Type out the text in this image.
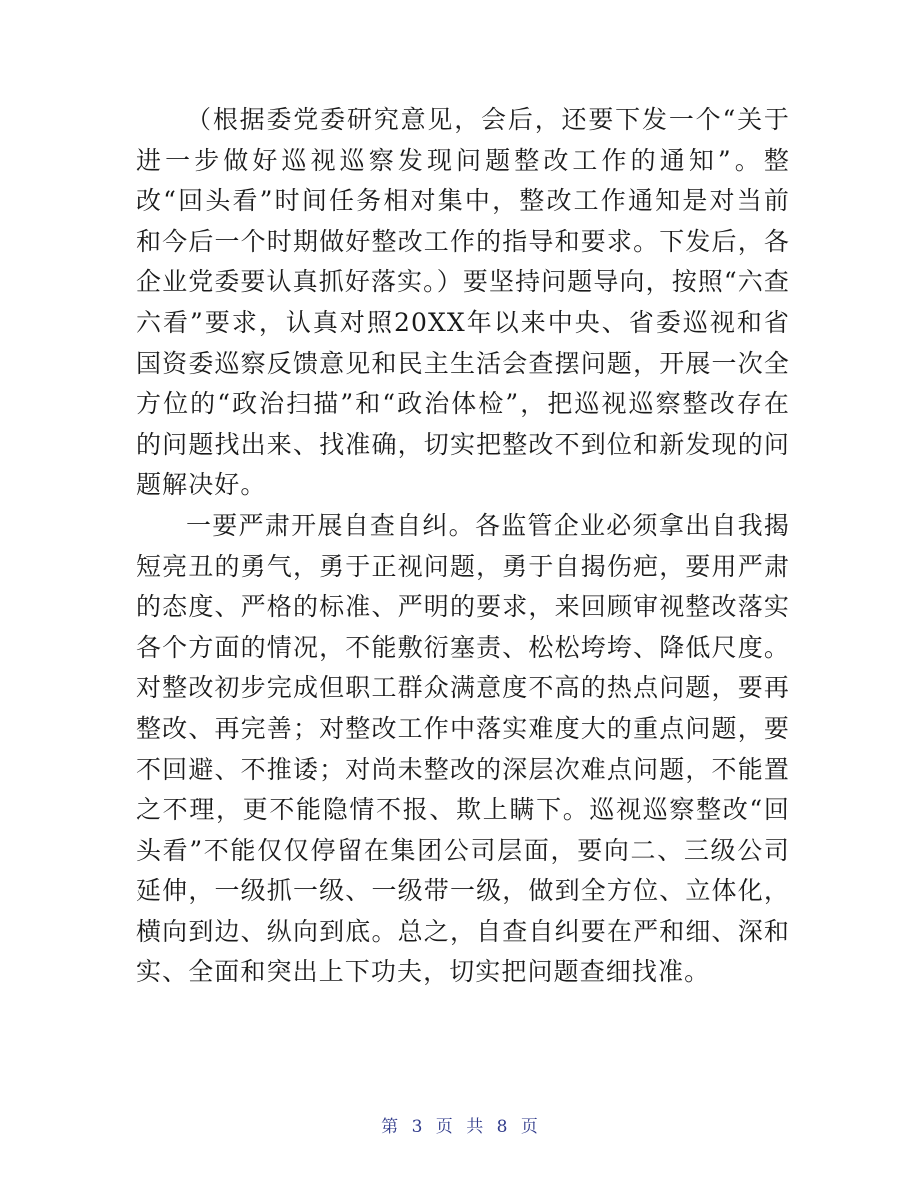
（根据委党委研究意见，会后，还要下发一个“关于进一步做好巡视巡察发现问题整改工作的通知”。整改“回头看”时间任务相对集中，整改工作通知是对当前和今后一个时期做好整改工作的指导和要求。下发后，各企业党委要认真抓好落实。）要坚持问题导向，按照“六查六看”要求，认真对照20XX年以来中央、省委巡视和省国资委巡察反馈意见和民主生活会查摆问题，开展一次全方位的“政治扫描”和“政治体检”，把巡视巡察整改存在的问题找出来、找准确，切实把整改不到位和新发现的问题解决好。

一要严肃开展自查自纠。各监管企业必须拿出自我揭短亮丑的勇气，勇于正视问题，勇于自揭伤疤，要用严肃的态度、严格的标准、严明的要求，来回顾审视整改落实各个方面的情况，不能敷衍塞责、松松垮垮、降低尺度。对整改初步完成但职工群众满意度不高的热点问题，要再整改、再完善；对整改工作中落实难度大的重点问题，要不回避、不推诿；对尚未整改的深层次难点问题，不能置之不理，更不能隐情不报、欺上瞒下。巡视巡察整改“回头看”不能仅仅停留在集团公司层面，要向二、三级公司延伸，一级抓一级、一级带一级，做到全方位、立体化，横向到边、纵向到底。总之，自查自纠要在严和细、深和实、全面和突出上下功夫，切实把问题查细找准。

第 3 页 共 8 页
